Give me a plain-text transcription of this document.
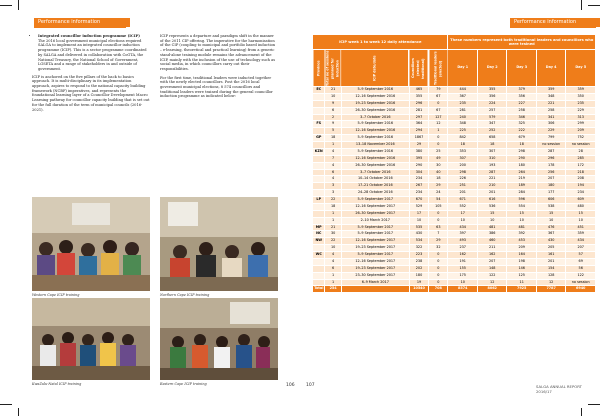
Performance information
• Integrated councillor induction programme (ICIP)
The 2016 local government municipal elections required SALGA to implement an integrated councillor induction programme (ICIP). This is a sector programme coordinated by SALGA and delivered in collaboration with CoGTA, the National Treasury, the National School of Government, LGSETA and a range of stakeholders in and outside of government.

ICIP is anchored on the five pillars of the back to basics approach. It is multi-disciplinary in its implementation approach, aspires to respond to the national capacity building framework (NCBF) imperatives, and represents the foundational learning layer of a Councillor Development Macro Learning pathway for councillor capacity building that is set out for the full duration of the term of municipal councils (2016-2021).

ICIP represents a departure and paradigm shift in the manner of the 2011 CIP offering. The imperative for the harmonisation of the CIP (coupling to municipal and portfolio based induction – e-learning, theoretical and practical learning) from a generic stand-alone training module remains the advancement of the ICIP, mainly with the inclusion of the use of technology such as social media, in which councillors carry out their responsibilities.

For the first time, traditional leaders were inducted together with the newly elected councillors. Post the 2016 local government municipal elections, 8 574 councillors and traditional leaders were trained during the general councillor induction programme as indicated below:

Western Cape ICIP training	Northern Cape ICIP training
KwaZulu-Natal ICIP training	Eastern Cape ICIP training	106
Performance information
ICIP week 1 to week 12 daily attendance					These numbers represent both traditional leaders and councillors who were trained				
Province	Total no of sessions planned for induction	ICIP date/date	Councillors (elected/ traditional)	Traditional leaders (elected)	Day 1	Day 2	Day 3	Day 4	Day 5
EC	21	5–9 September 2016	465	79	444	355	379	359	359
	10	12–16 September 2016	355	67	367	356	356	348	350
	9	19–23 September 2016	296	0	235	224	227	221	235
	6	26–30 September 2016	281	67	281	257	258	258	229
	2	3–7 October 2016	297	127	240	579	346	341	313
FS	9	5–9 September 2016	364	12	348	347	325	306	299
	5	12–16 September 2016	294	1	225	252	222	229	209
GP	18	5–9 September 2016	1867	0	842	658	679	799	752
	1	13–18 November 2016	29	0	18	18	18	no session	no session
KZN	4	5–9 September 2016	380	25	353	307	298	287	28
	7	12–16 September 2016	395	49	307	310	290	296	285
	4	26–30 September 2016	290	30	200	193	180	178	172
	6	3–7 October 2016	304	40	298	287	264	256	218
	4	10–14 October 2016	234	18	226	221	219	207	208
	3	17–21 October 2016	267	29	251	210	189	180	194
	3	24–28 October 2016	234	24	201	201	284	177	234
LP	22	5–9 September 2017	670	54	671	616	596	606	609
	18	12–16 September 2017	529	105	552	536	554	538	480
	1	26–30 September 2017	17	0	17	15	15	15	15
	1	2–10 March 2017	10	0	10	10	10	10	10
MP	21	5–9 September 2017	535	63	434	481	481	476	451
NC	30	5–9 September 2017	430	7	397	386	392	367	359
NW	22	12–16 September 2017	534	29	493	460	453	430	434
	10	19–23 September 2017	322	32	237	211	209	205	207
WC	4	5–9 September 2017	223	0	162	162	164	161	57
	4	12–16 September 2017	238	0	191	207	198	201	69
	6	19–23 September 2017	202	0	155	148	146	154	56
	1	23–30 September 2017	180	0	175	122	125	128	122
	1	6–9 March 2017	19	0	10	12	11	12	no session
Total	254		10540	708	8574	8062	7925	7787	6940
107	SALGA ANNUAL REPORT
2016/17
